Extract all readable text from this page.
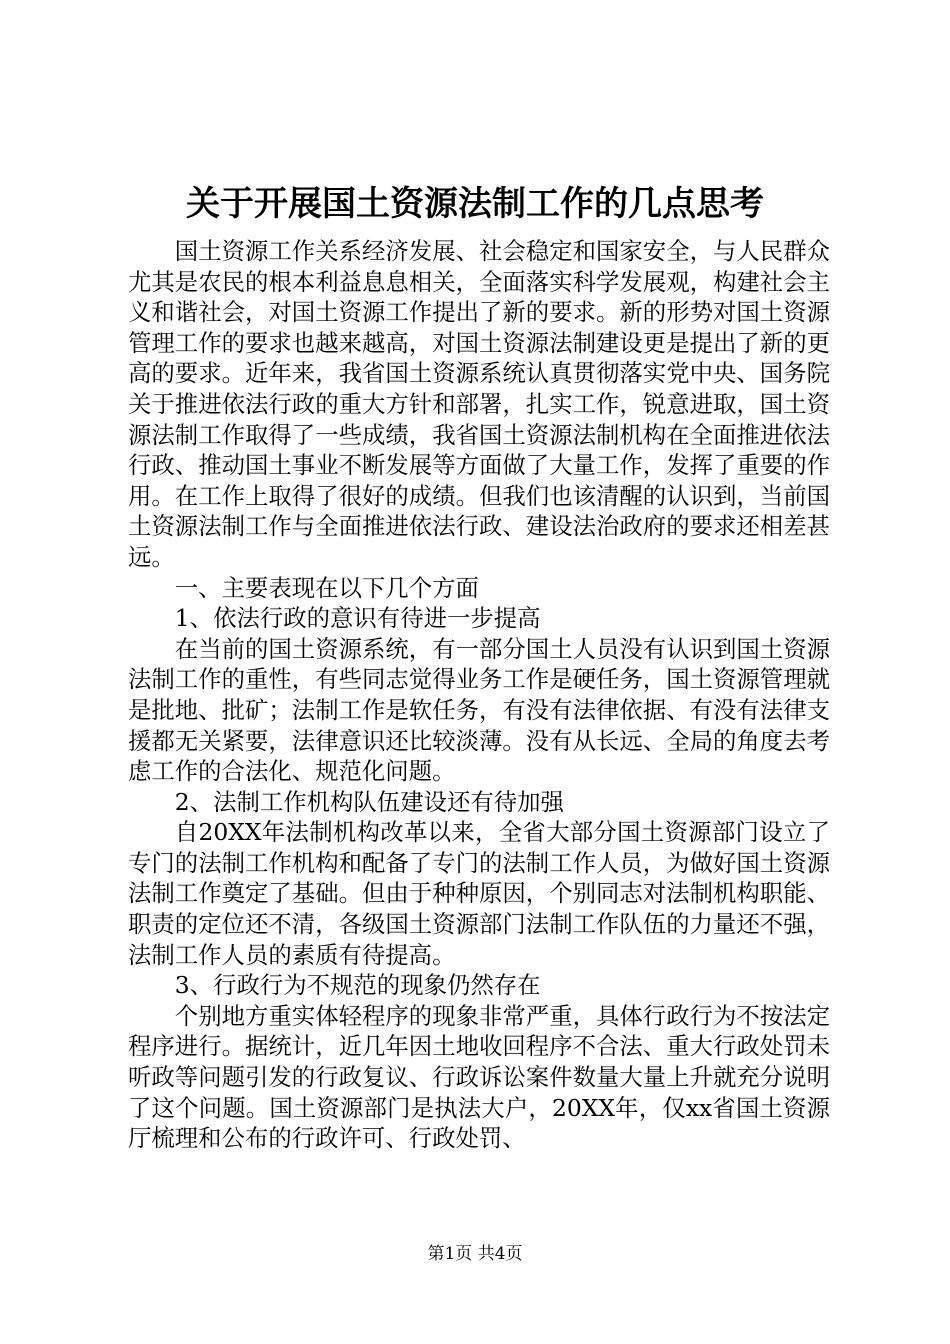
关于开展国土资源法制工作的几点思考

国土资源工作关系经济发展、社会稳定和国家安全，与人民群众尤其是农民的根本利益息息相关，全面落实科学发展观，构建社会主义和谐社会，对国土资源工作提出了新的要求。新的形势对国土资源管理工作的要求也越来越高，对国土资源法制建设更是提出了新的更高的要求。近年来，我省国土资源系统认真贯彻落实党中央、国务院关于推进依法行政的重大方针和部署，扎实工作，锐意进取，国土资源法制工作取得了一些成绩，我省国土资源法制机构在全面推进依法行政、推动国土事业不断发展等方面做了大量工作，发挥了重要的作用。在工作上取得了很好的成绩。但我们也该清醒的认识到，当前国土资源法制工作与全面推进依法行政、建设法治政府的要求还相差甚远。

一、主要表现在以下几个方面

1、依法行政的意识有待进一步提高

在当前的国土资源系统，有一部分国土人员没有认识到国土资源法制工作的重性，有些同志觉得业务工作是硬任务，国土资源管理就是批地、批矿；法制工作是软任务，有没有法律依据、有没有法律支援都无关紧要，法律意识还比较淡薄。没有从长远、全局的角度去考虑工作的合法化、规范化问题。

2、法制工作机构队伍建设还有待加强

自20XX年法制机构改革以来，全省大部分国土资源部门设立了专门的法制工作机构和配备了专门的法制工作人员，为做好国土资源法制工作奠定了基础。但由于种种原因，个别同志对法制机构职能、职责的定位还不清，各级国土资源部门法制工作队伍的力量还不强，法制工作人员的素质有待提高。

3、行政行为不规范的现象仍然存在

个别地方重实体轻程序的现象非常严重，具体行政行为不按法定程序进行。据统计，近几年因土地收回程序不合法、重大行政处罚未听政等问题引发的行政复议、行政诉讼案件数量大量上升就充分说明了这个问题。国土资源部门是执法大户，20XX年，仅xx省国土资源厅梳理和公布的行政许可、行政处罚、

第1页 共4页
